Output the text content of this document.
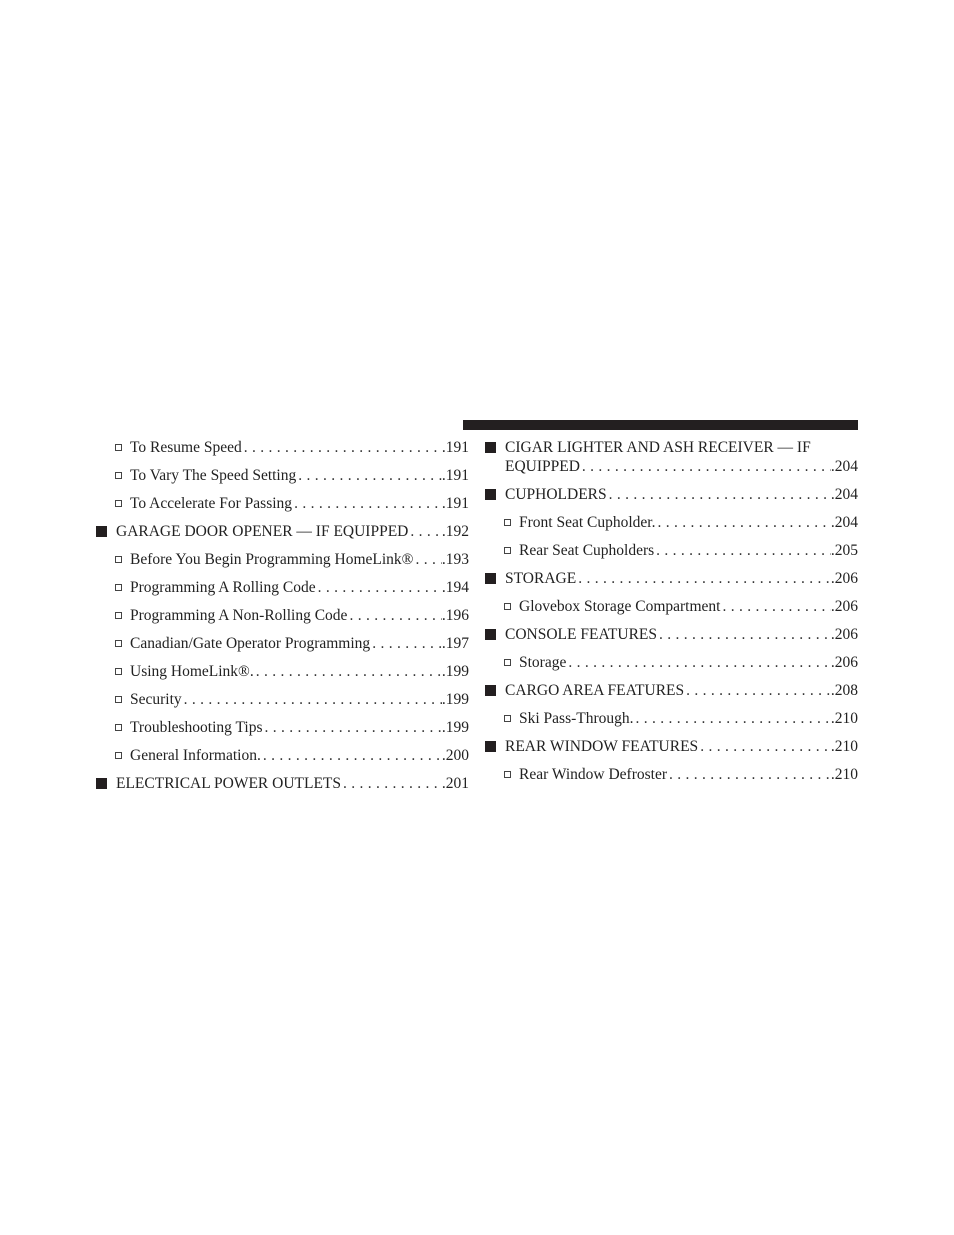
To Resume Speed . . .	.191
To Vary The Speed Setting . . .	.191
To Accelerate For Passing . . .	.191
GARAGE DOOR OPENER — IF EQUIPPED . . . .192
Before You Begin Programming HomeLink® . . . .193
Programming A Rolling Code . . .	.194
Programming A Non-Rolling Code . . .	.196
Canadian/Gate Operator Programming . . .	.197
Using HomeLink®. . . .	.199
Security . . .	.199
Troubleshooting Tips . . .	.199
General Information. . . .	.200
ELECTRICAL POWER OUTLETS . . .	.201
CIGAR LIGHTER AND ASH RECEIVER — IF
EQUIPPED . . .	.204
CUPHOLDERS . . .	.204
Front Seat Cupholder. . . .	.204
Rear Seat Cupholders . . .	.205
STORAGE . . .	.206
Glovebox Storage Compartment . . .	.206
CONSOLE FEATURES . . .	.206
Storage . . .	.206
CARGO AREA FEATURES . . .	.208
Ski Pass-Through. . . .	.210
REAR WINDOW FEATURES . . .	.210
Rear Window Defroster . . .	.210
